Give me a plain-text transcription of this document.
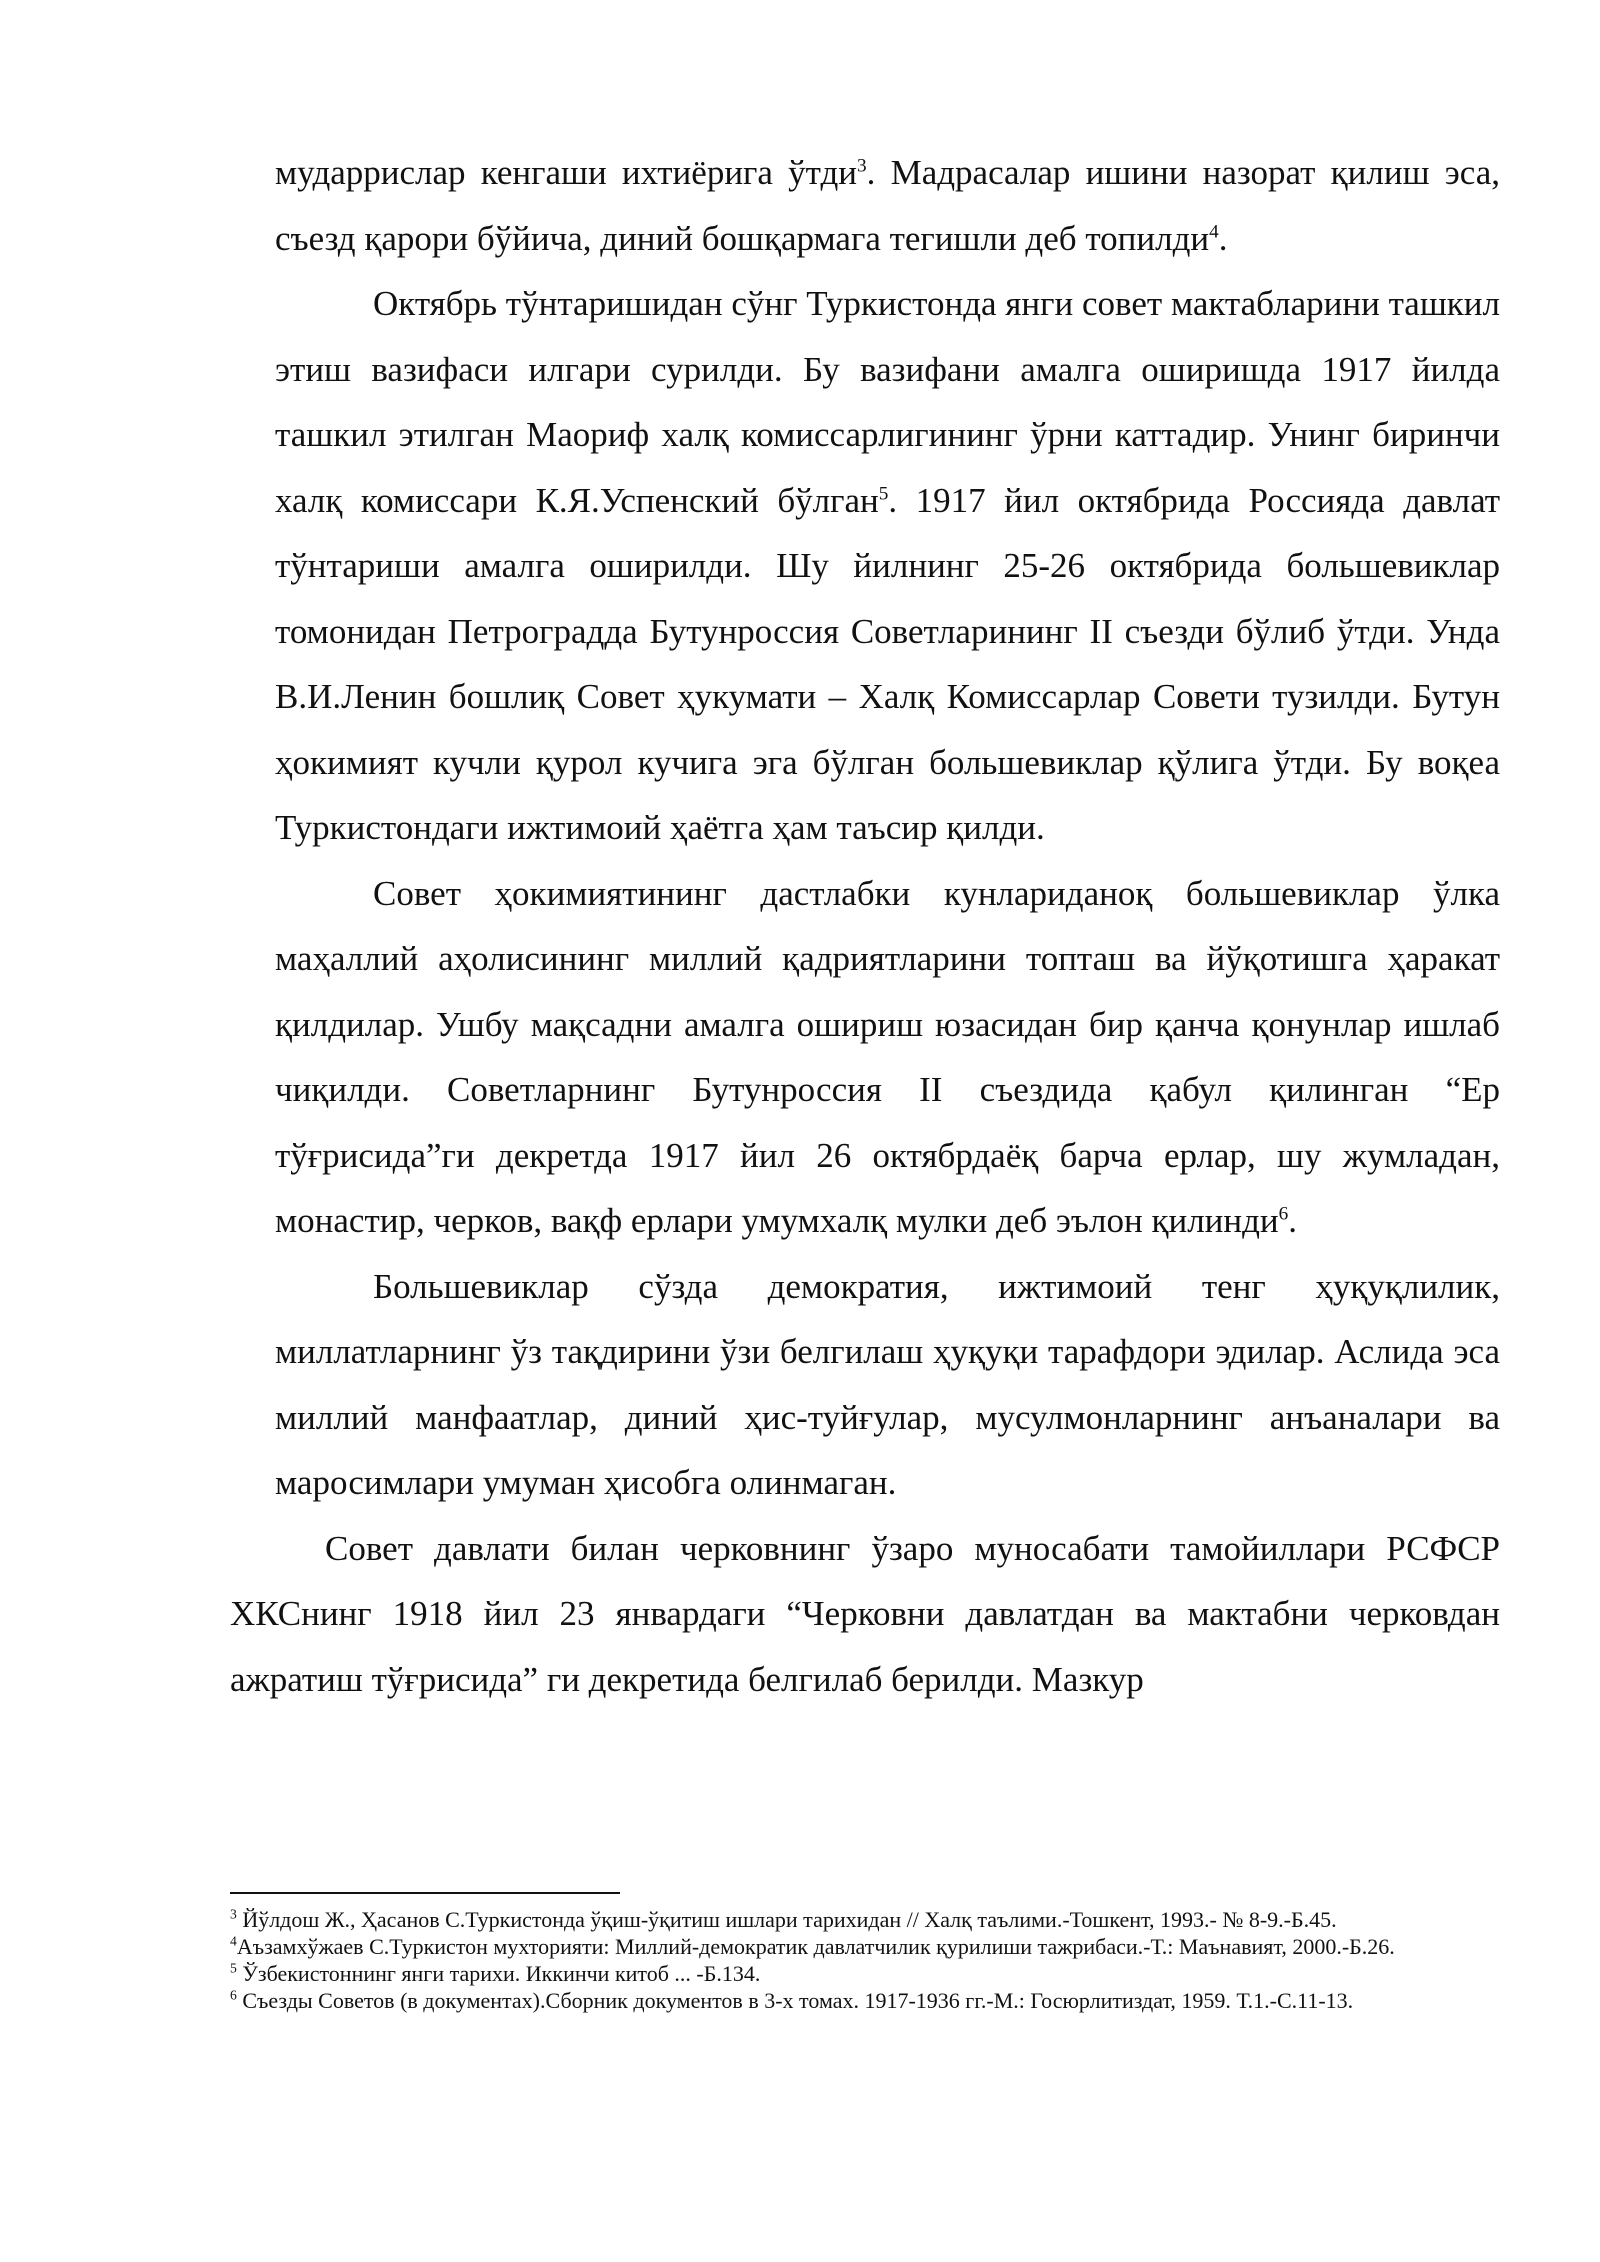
мударрислар кенгаши ихтиёрига ўтди$^3$. Мадрасалар ишини назорат қилиш эса, съезд қарори бўйича, диний бошқармага тегишли деб топилди$^4$.

Октябрь тўнтаришидан сўнг Туркистонда янги совет мактабларини ташкил этиш вазифаси илгари сурилди. Бу вазифани амалга оширишда 1917 йилда ташкил этилган Маориф халқ комиссарлигининг ўрни каттадир. Унинг биринчи халқ комиссари К.Я.Успенский бўлган$^5$. 1917 йил октябрида Россияда давлат тўнтариши амалга оширилди. Шу йилнинг 25-26 октябрида большевиклар томонидан Петроградда Бутунроссия Советларининг II съезди бўлиб ўтди. Унда В.И.Ленин бошлиқ Совет ҳукумати – Халқ Комиссарлар Совети тузилди. Бутун ҳокимият кучли қурол кучига эга бўлган большевиклар қўлига ўтди. Бу воқеа Туркистондаги ижтимоий ҳаётга ҳам таъсир қилди.

Совет ҳокимиятининг дастлабки кунлариданоқ большевиклар ўлка маҳаллий аҳолисининг миллий қадриятларини топташ ва йўқотишга ҳаракат қилдилар. Ушбу мақсадни амалга ошириш юзасидан бир қанча қонунлар ишлаб чиқилди. Советларнинг Бутунроссия II съездида қабул қилинган “Ер тўғрисида”ги декретда 1917 йил 26 октябрдаёқ барча ерлар, шу жумладан, монастир, черков, вақф ерлари умумхалқ мулки деб эълон қилинди$^6$.

Большевиклар сўзда демократия, ижтимоий тенг ҳуқуқлилик, миллатларнинг ўз тақдирини ўзи белгилаш ҳуқуқи тарафдори эдилар. Аслида эса миллий манфаатлар, диний ҳис-туйғулар, мусулмонларнинг анъаналари ва маросимлари умуман ҳисобга олинмаган.

Совет давлати билан черковнинг ўзаро муносабати тамойиллари РСФСР ХКСнинг 1918 йил 23 январдаги “Черковни давлатдан ва мактабни черковдан ажратиш тўғрисида” ги декретида белгилаб берилди. Мазкур

$^3$ Йўлдош Ж., Ҳасанов С.Туркистонда ўқиш-ўқитиш ишлари тарихидан // Халқ таълими.-Тошкент, 1993.- № 8-9.-Б.45.

$^4$Аъзамхўжаев С.Туркистон мухторияти: Миллий-демократик давлатчилик қурилиши тажрибаси.-Т.: Маънавият, 2000.-Б.26.

$^5$ Ўзбекистоннинг янги тарихи. Иккинчи китоб ... -Б.134.

$^6$ Съезды Советов (в документах).Сборник документов в 3-х томах. 1917-1936 гг.-М.: Госюрлитиздат, 1959. Т.1.-С.11-13.
